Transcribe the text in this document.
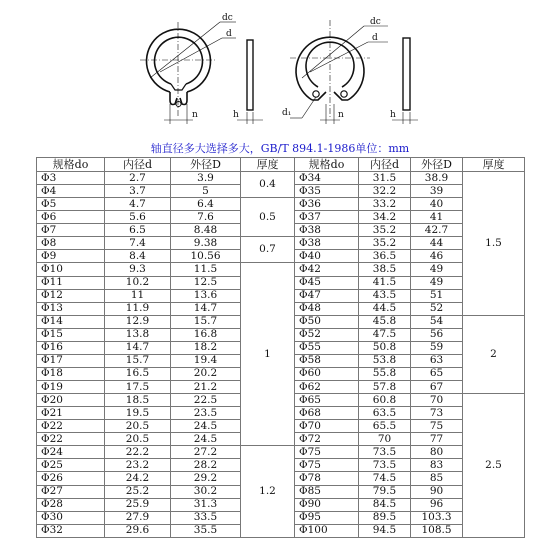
dc
d
n	h
dc
d
d₁	n	h
轴直径多大选择多大，GB/T 894.1-1986单位：mm
规格do	内径d	外径D	厚度	规格do	内径d	外径D	厚度
Φ3	2.7	3.9	0.4	Φ34	31.5	38.9	1.5
Φ4	3.7	5		Φ35	32.2	39	
Φ5	4.7	6.4	0.5	Φ36	33.2	40	
Φ6	5.6	7.6		Φ37	34.2	41	
Φ7	6.5	8.48		Φ38	35.2	42.7	
Φ8	7.4	9.38	0.7	Φ38	35.2	44	
Φ9	8.4	10.56		Φ40	36.5	46	
Φ10	9.3	11.5	1	Φ42	38.5	49	
Φ11	10.2	12.5		Φ45	41.5	49	
Φ12	11	13.6		Φ47	43.5	51	
Φ13	11.9	14.7		Φ48	44.5	52	
Φ14	12.9	15.7		Φ50	45.8	54	2
Φ15	13.8	16.8		Φ52	47.5	56	
Φ16	14.7	18.2		Φ55	50.8	59	
Φ17	15.7	19.4		Φ58	53.8	63	
Φ18	16.5	20.2		Φ60	55.8	65	
Φ19	17.5	21.2		Φ62	57.8	67	
Φ20	18.5	22.5		Φ65	60.8	70	2.5
Φ21	19.5	23.5		Φ68	63.5	73	
Φ22	20.5	24.5		Φ70	65.5	75	
Φ22	20.5	24.5		Φ72	70	77	
Φ24	22.2	27.2	1.2	Φ75	73.5	80	
Φ25	23.2	28.2		Φ75	73.5	83	
Φ26	24.2	29.2		Φ78	74.5	85	
Φ27	25.2	30.2		Φ85	79.5	90	
Φ28	25.9	31.3		Φ90	84.5	96	
Φ30	27.9	33.5		Φ95	89.5	103.3	
Φ32	29.6	35.5		Φ100	94.5	108.5	
